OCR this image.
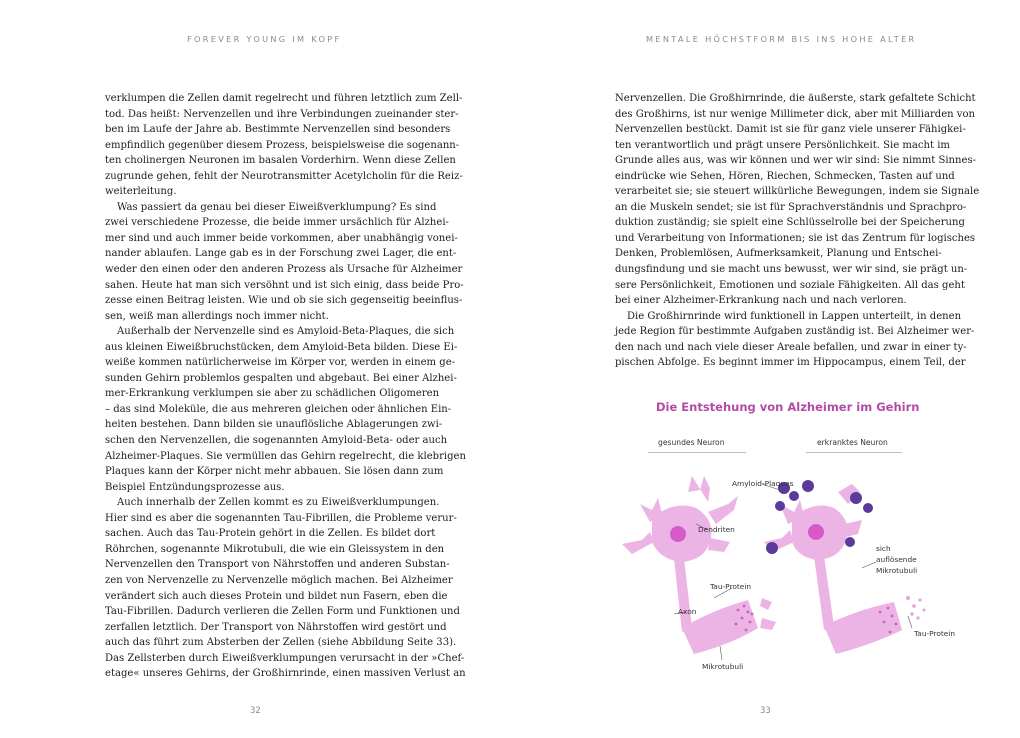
FOREVER YOUNG IM KOPF
verklumpen die Zellen damit regelrecht und führen letztlich zum Zell-
tod. Das heißt: Nervenzellen und ihre Verbindungen zueinander ster-
ben im Laufe der Jahre ab. Bestimmte Nervenzellen sind besonders
empfindlich gegenüber diesem Prozess, beispielsweise die sogenann-
ten cholinergen Neuronen im basalen Vorderhirn. Wenn diese Zellen
zugrunde gehen, fehlt der Neurotransmitter Acetylcholin für die Reiz-
weiterleitung.
Was passiert da genau bei dieser Eiweißverklumpung? Es sind
zwei verschiedene Prozesse, die beide immer ursächlich für Alzhei-
mer sind und auch immer beide vorkommen, aber unabhängig vonei-
nander ablaufen. Lange gab es in der Forschung zwei Lager, die ent-
weder den einen oder den anderen Prozess als Ursache für Alzheimer
sahen. Heute hat man sich versöhnt und ist sich einig, dass beide Pro-
zesse einen Beitrag leisten. Wie und ob sie sich gegenseitig beeinflus-
sen, weiß man allerdings noch immer nicht.
Außerhalb der Nervenzelle sind es Amyloid-Beta-Plaques, die sich
aus kleinen Eiweißbruchstücken, dem Amyloid-Beta bilden. Diese Ei-
weiße kommen natürlicherweise im Körper vor, werden in einem ge-
sunden Gehirn problemlos gespalten und abgebaut. Bei einer Alzhei-
mer-Erkrankung verklumpen sie aber zu schädlichen Oligomeren
– das sind Moleküle, die aus mehreren gleichen oder ähnlichen Ein-
heiten bestehen. Dann bilden sie unauflösliche Ablagerungen zwi-
schen den Nervenzellen, die sogenannten Amyloid-Beta- oder auch
Alzheimer-Plaques. Sie vermüllen das Gehirn regelrecht, die klebrigen
Plaques kann der Körper nicht mehr abbauen. Sie lösen dann zum
Beispiel Entzündungsprozesse aus.
Auch innerhalb der Zellen kommt es zu Eiweißverklumpungen.
Hier sind es aber die sogenannten Tau-Fibrillen, die Probleme verur-
sachen. Auch das Tau-Protein gehört in die Zellen. Es bildet dort
Röhrchen, sogenannte Mikrotubuli, die wie ein Gleissystem in den
Nervenzellen den Transport von Nährstoffen und anderen Substan-
zen von Nervenzelle zu Nervenzelle möglich machen. Bei Alzheimer
verändert sich auch dieses Protein und bildet nun Fasern, eben die
Tau-Fibrillen. Dadurch verlieren die Zellen Form und Funktionen und
zerfallen letztlich. Der Transport von Nährstoffen wird gestört und
auch das führt zum Absterben der Zellen (siehe Abbildung Seite 33).
Das Zellsterben durch Eiweißverklumpungen verursacht in der »Chef-
etage« unseres Gehirns, der Großhirnrinde, einen massiven Verlust an
32
MENTALE HÖCHSTFORM BIS INS HOHE ALTER
Nervenzellen. Die Großhirnrinde, die äußerste, stark gefaltete Schicht
des Großhirns, ist nur wenige Millimeter dick, aber mit Milliarden von
Nervenzellen bestückt. Damit ist sie für ganz viele unserer Fähigkei-
ten verantwortlich und prägt unsere Persönlichkeit. Sie macht im
Grunde alles aus, was wir können und wer wir sind: Sie nimmt Sinnes-
eindrücke wie Sehen, Hören, Riechen, Schmecken, Tasten auf und
verarbeitet sie; sie steuert willkürliche Bewegungen, indem sie Signale
an die Muskeln sendet; sie ist für Sprachverständnis und Sprachpro-
duktion zuständig; sie spielt eine Schlüsselrolle bei der Speicherung
und Verarbeitung von Informationen; sie ist das Zentrum für logisches
Denken, Problemlösen, Aufmerksamkeit, Planung und Entschei-
dungsfindung und sie macht uns bewusst, wer wir sind, sie prägt un-
sere Persönlichkeit, Emotionen und soziale Fähigkeiten. All das geht
bei einer Alzheimer-Erkrankung nach und nach verloren.
Die Großhirnrinde wird funktionell in Lappen unterteilt, in denen
jede Region für bestimmte Aufgaben zuständig ist. Bei Alzheimer wer-
den nach und nach viele dieser Areale befallen, und zwar in einer ty-
pischen Abfolge. Es beginnt immer im Hippocampus, einem Teil, der
33
Die Entstehung von Alzheimer im Gehirn
gesundes Neuron	erkranktes Neuron
Amyloid-Plaques
Dendriten
sich
auflösende
Mikrotubuli
Tau-Protein
Axon
Tau-Protein
Mikrotubuli
